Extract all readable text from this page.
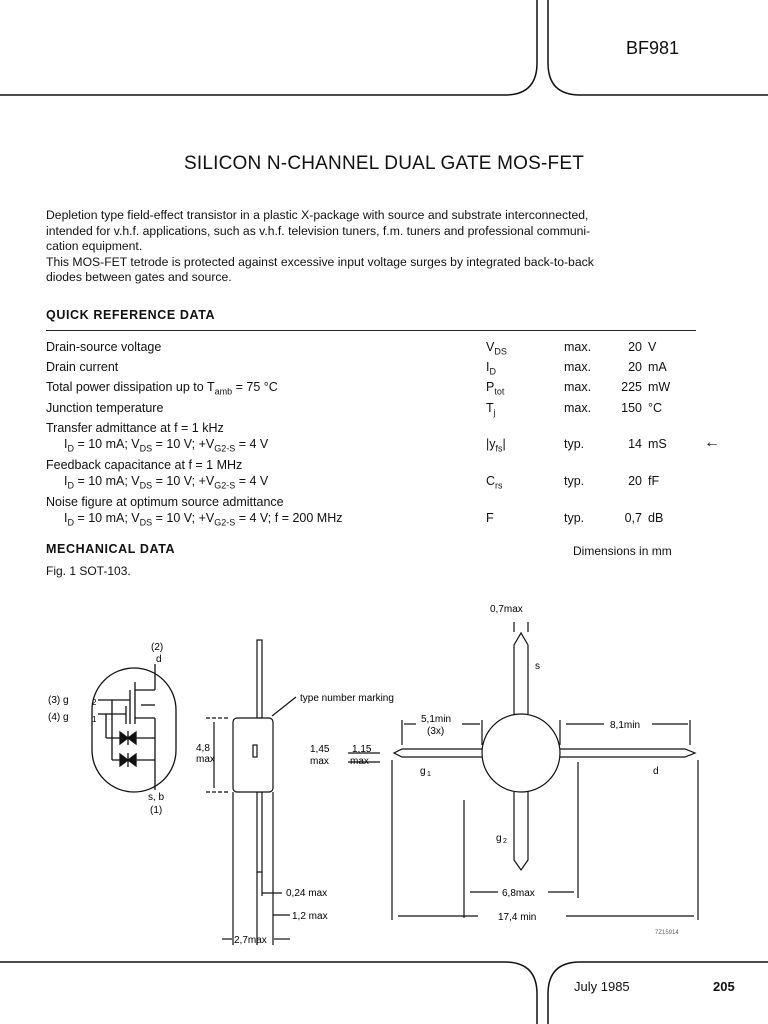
BF981
SILICON N-CHANNEL DUAL GATE MOS-FET
Depletion type field-effect transistor in a plastic X-package with source and substrate interconnected,
intended for v.h.f. applications, such as v.h.f. television tuners, f.m. tuners and professional communi-
cation equipment.
This MOS-FET tetrode is protected against excessive input voltage surges by integrated back-to-back
diodes between gates and source.
QUICK REFERENCE DATA
Drain-source voltage	$V_{DS}$	max.	20 V
Drain current	$I_D$	max.	20 mA
Total power dissipation up to $T_{amb} = 75$ °C	$P_{tot}$	max.	225 mW
Junction temperature	$T_j$	max.	150 °C
Transfer admittance at f = 1 kHz
$I_D = 10$ mA; $V_{DS} = 10$ V; $+V_{G2-S} = 4$ V	$|y_{fs}|$	typ.	14 mS ←
Feedback capacitance at f = 1 MHz
$I_D = 10$ mA; $V_{DS} = 10$ V; $+V_{G2-S} = 4$ V	$C_{rs}$	typ.	20 fF
Noise figure at optimum source admittance
$I_D = 10$ mA; $V_{DS} = 10$ V; $+V_{G2-S} = 4$ V; f = 200 MHz	F	typ.	0,7 dB
MECHANICAL DATA	Dimensions in mm
Fig. 1 SOT-103.
(2)
d
(3) g	2
(4) g	1
s, b
(1)
type number marking
4,8
max
0,24 max
1,2 max
2,7max
0,7max
5,1min
(3x)
8,1min
1,45 1,15
max max
s
d
g 1
g 2
6,8max
17,4 min
7Z15914
July 1985	205
